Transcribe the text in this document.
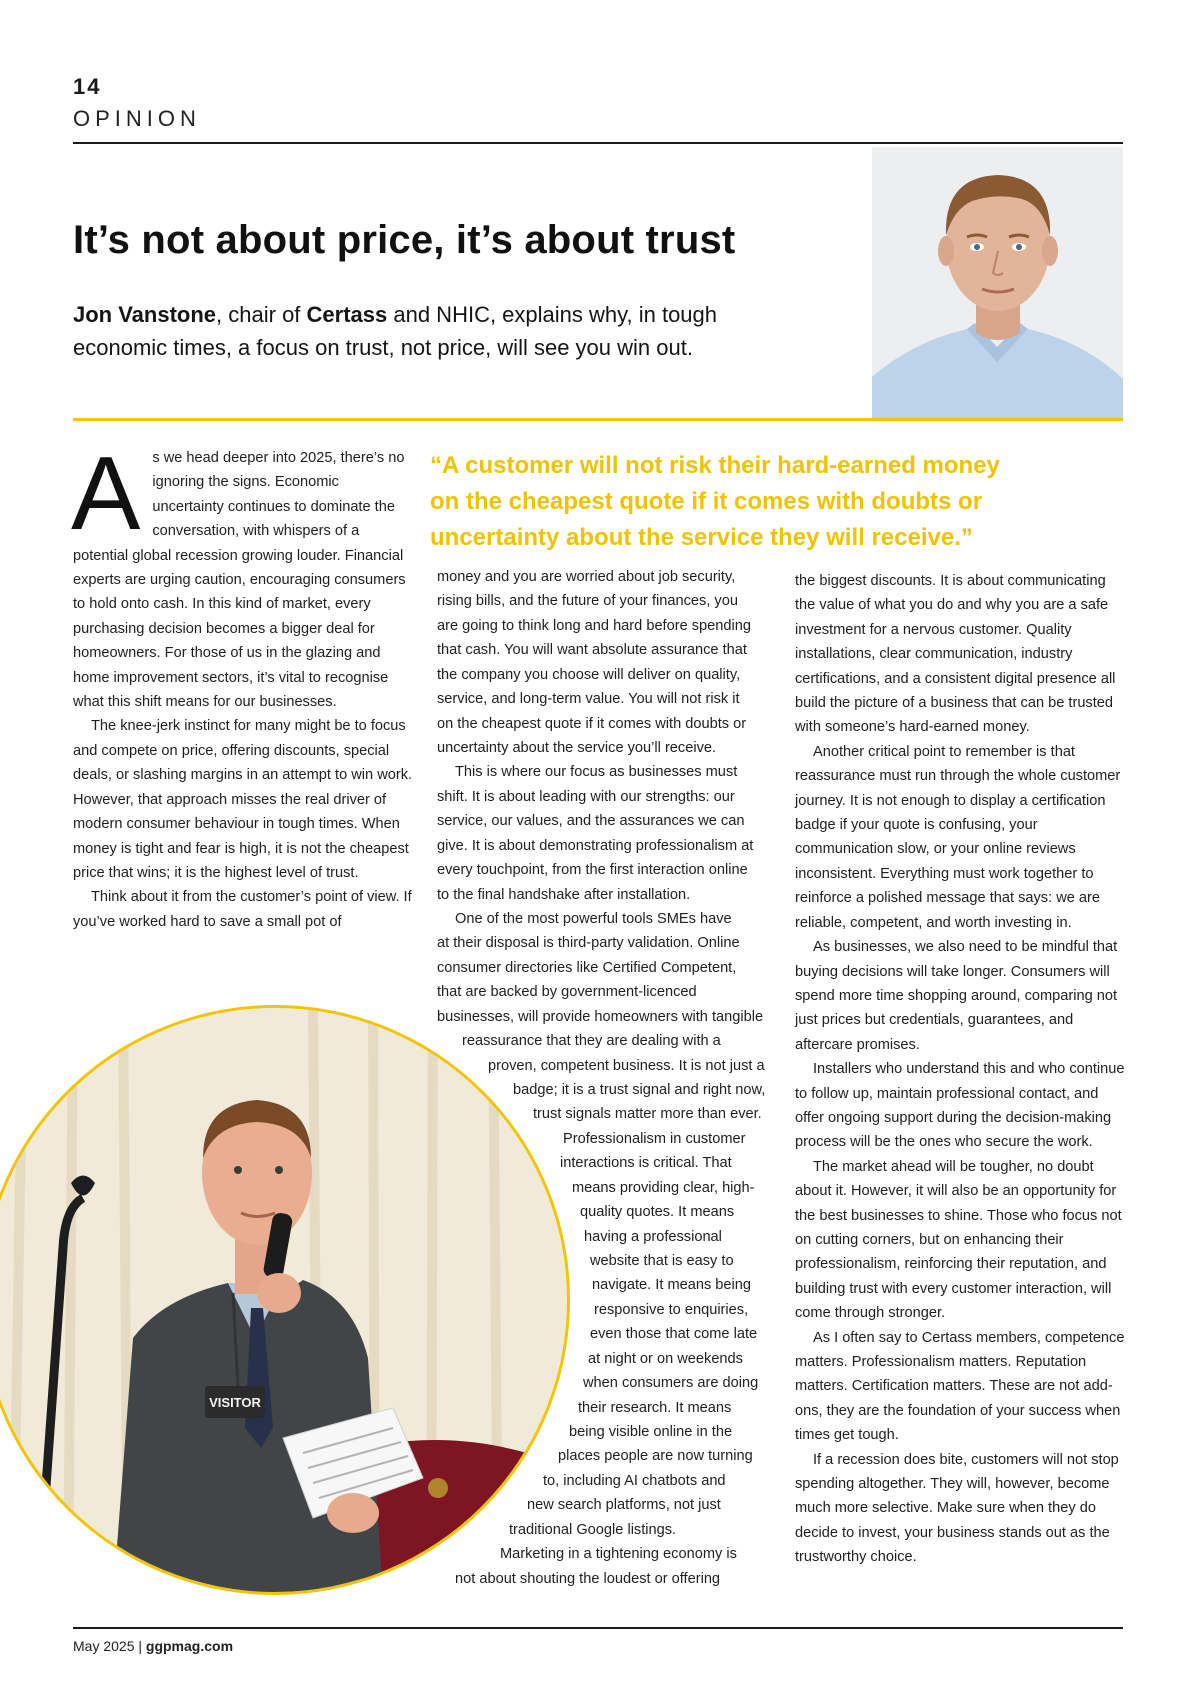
14
OPINION
It’s not about price, it’s about trust
Jon Vanstone, chair of Certass and NHIC, explains why, in tough economic times, a focus on trust, not price, will see you win out.
A s we head deeper into 2025, there’s no ignoring the signs. Economic uncertainty continues to dominate the conversation, with whispers of a potential global recession growing louder. Financial experts are urging caution, encouraging consumers to hold onto cash. In this kind of market, every purchasing decision becomes a bigger deal for homeowners. For those of us in the glazing and home improvement sectors, it’s vital to recognise what this shift means for our businesses.

The knee-jerk instinct for many might be to focus and compete on price, offering discounts, special deals, or slashing margins in an attempt to win work. However, that approach misses the real driver of modern consumer behaviour in tough times. When money is tight and fear is high, it is not the cheapest price that wins; it is the highest level of trust.

Think about it from the customer’s point of view. If you’ve worked hard to save a small pot of

“A customer will not risk their hard-earned money on the cheapest quote if it comes with doubts or uncertainty about the service they will receive.”

VISITOR
money and you are worried about job security,
rising bills, and the future of your finances, you
are going to think long and hard before spending
that cash. You will want absolute assurance that
the company you choose will deliver on quality,
service, and long-term value. You will not risk it
on the cheapest quote if it comes with doubts or
uncertainty about the service you’ll receive.
This is where our focus as businesses must
shift. It is about leading with our strengths: our
service, our values, and the assurances we can
give. It is about demonstrating professionalism at
every touchpoint, from the first interaction online
to the final handshake after installation.
One of the most powerful tools SMEs have
at their disposal is third-party validation. Online
consumer directories like Certified Competent,
that are backed by government-licenced
businesses, will provide homeowners with tangible
reassurance that they are dealing with a
proven, competent business. It is not just a
badge; it is a trust signal and right now,
trust signals matter more than ever.
Professionalism in customer
interactions is critical. That
means providing clear, high-
quality quotes. It means
having a professional
website that is easy to
navigate. It means being
responsive to enquiries,
even those that come late
at night or on weekends
when consumers are doing
their research. It means
being visible online in the
places people are now turning
to, including AI chatbots and
new search platforms, not just
traditional Google listings.
Marketing in a tightening economy is
not about shouting the loudest or offering

the biggest discounts. It is about communicating the value of what you do and why you are a safe investment for a nervous customer. Quality installations, clear communication, industry certifications, and a consistent digital presence all build the picture of a business that can be trusted with someone’s hard-earned money.

Another critical point to remember is that reassurance must run through the whole customer journey. It is not enough to display a certification badge if your quote is confusing, your communication slow, or your online reviews inconsistent. Everything must work together to reinforce a polished message that says: we are reliable, competent, and worth investing in.

As businesses, we also need to be mindful that buying decisions will take longer. Consumers will spend more time shopping around, comparing not just prices but credentials, guarantees, and aftercare promises.

Installers who understand this and who continue to follow up, maintain professional contact, and offer ongoing support during the decision-making process will be the ones who secure the work.

The market ahead will be tougher, no doubt about it. However, it will also be an opportunity for the best businesses to shine. Those who focus not on cutting corners, but on enhancing their professionalism, reinforcing their reputation, and building trust with every customer interaction, will come through stronger.

As I often say to Certass members, competence matters. Professionalism matters. Reputation matters. Certification matters. These are not add-ons, they are the foundation of your success when times get tough.

If a recession does bite, customers will not stop spending altogether. They will, however, become much more selective. Make sure when they do decide to invest, your business stands out as the trustworthy choice.

May 2025 | ggpmag.com
